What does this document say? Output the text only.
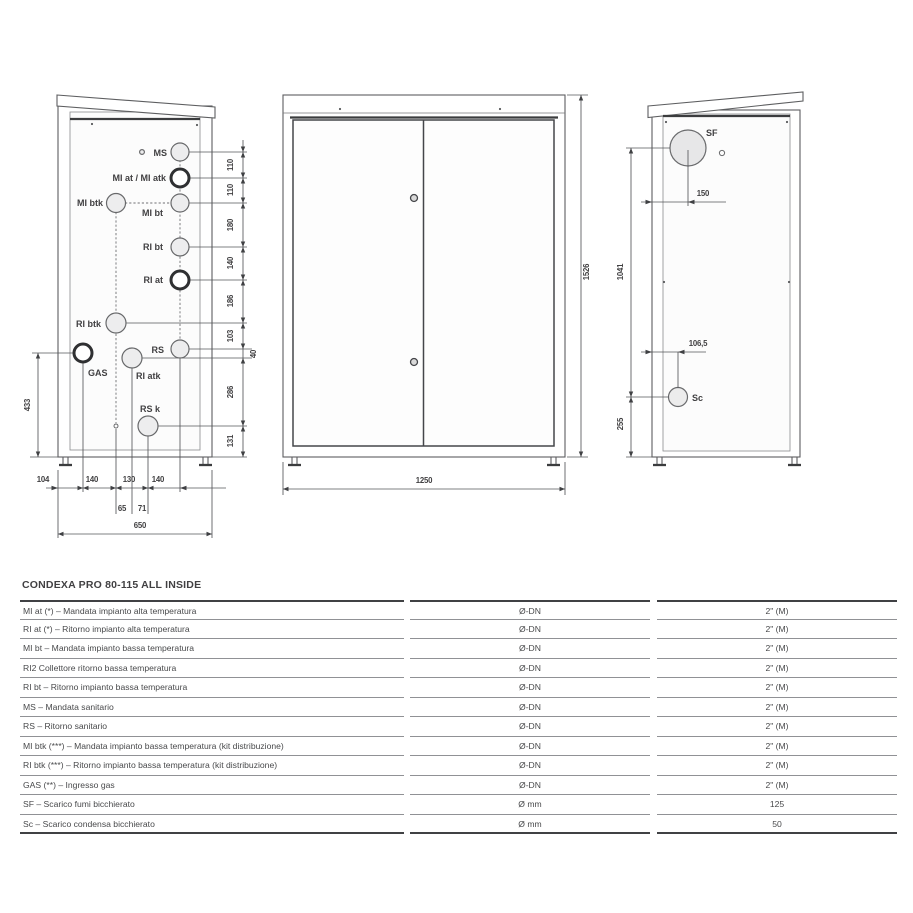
MS
MI at / MI atk
MI btk
MI bt
RI bt
RI at
RI btk
GAS	RI atk
RS
RS k
110
110
180
140
186
103
40
286
131
433
104	140	130 140
65 71
650
1526
1250
SF
Sc
150
106,5
1041
255
CONDEXA PRO 80-115 ALL INSIDE
MI at (*) – Mandata impianto alta temperatura	Ø-DN	2" (M)
RI at (*) – Ritorno impianto alta temperatura	Ø-DN	2" (M)
MI bt – Mandata impianto bassa temperatura	Ø-DN	2" (M)
RI2 Collettore ritorno bassa temperatura	Ø-DN	2" (M)
RI bt – Ritorno impianto bassa temperatura	Ø-DN	2" (M)
MS – Mandata sanitario	Ø-DN	2" (M)
RS – Ritorno sanitario	Ø-DN	2" (M)
MI btk (***) – Mandata impianto bassa temperatura (kit distribuzione)	Ø-DN	2" (M)
RI btk (***) – Ritorno impianto bassa temperatura (kit distribuzione)	Ø-DN	2" (M)
GAS (**) – Ingresso gas	Ø-DN	2" (M)
SF – Scarico fumi bicchierato	Ø mm	125
Sc – Scarico condensa bicchierato	Ø mm	50
